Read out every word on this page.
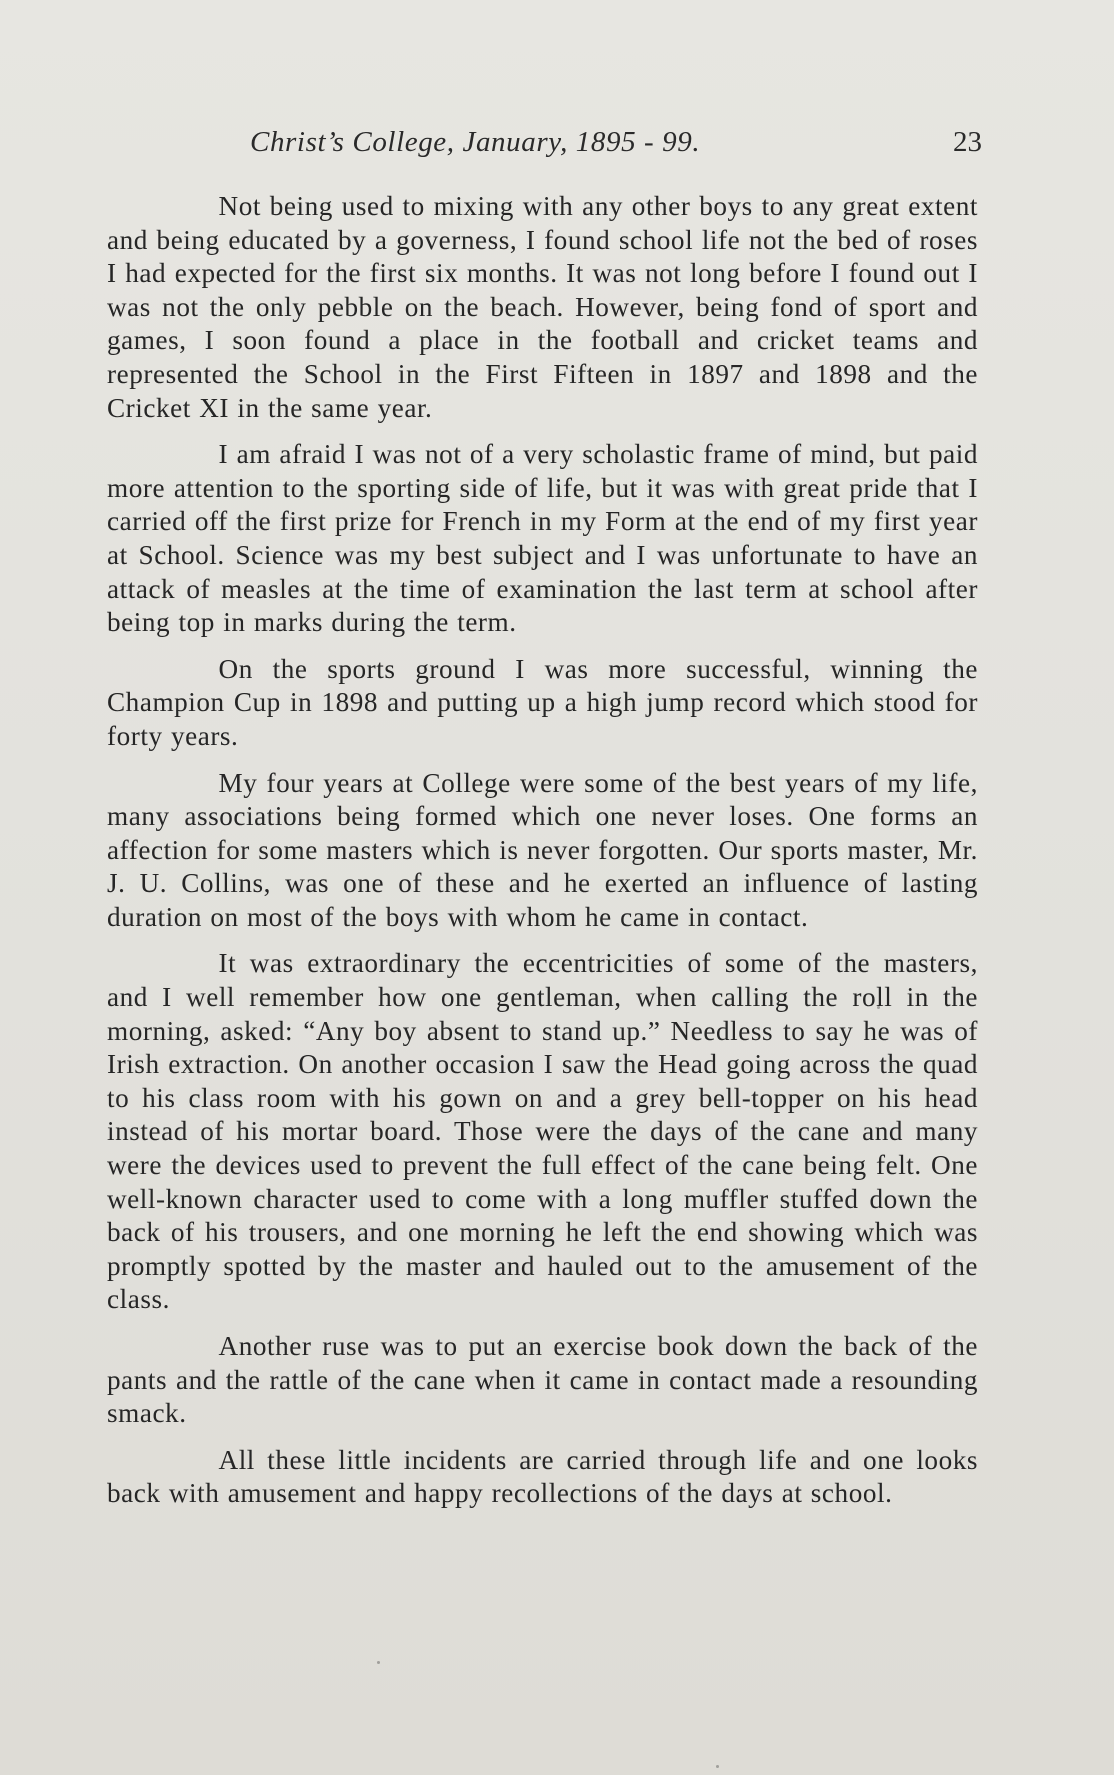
Christ’s College, January, 1895 - 99.	23

Not being used to mixing with any other boys to any great extent and being educated by a governess, I found school life not the bed of roses I had expected for the first six months. It was not long before I found out I was not the only pebble on the beach. However, being fond of sport and games, I soon found a place in the football and cricket teams and represented the School in the First Fifteen in 1897 and 1898 and the Cricket XI in the same year.

I am afraid I was not of a very scholastic frame of mind, but paid more attention to the sporting side of life, but it was with great pride that I carried off the first prize for French in my Form at the end of my first year at School. Science was my best subject and I was unfortunate to have an attack of measles at the time of examination the last term at school after being top in marks during the term.

On the sports ground I was more successful, winning the Champion Cup in 1898 and putting up a high jump record which stood for forty years.

My four years at College were some of the best years of my life, many associations being formed which one never loses. One forms an affection for some masters which is never forgotten. Our sports master, Mr. J. U. Collins, was one of these and he exerted an influence of lasting duration on most of the boys with whom he came in contact.

It was extraordinary the eccentricities of some of the masters, and I well remember how one gentleman, when calling the roll in the morning, asked: “Any boy absent to stand up.” Needless to say he was of Irish extraction. On another occasion I saw the Head going across the quad to his class room with his gown on and a grey bell-topper on his head instead of his mortar board. Those were the days of the cane and many were the devices used to prevent the full effect of the cane being felt. One well-known character used to come with a long muffler stuffed down the back of his trousers, and one morning he left the end showing which was promptly spotted by the master and hauled out to the amusement of the class.

Another ruse was to put an exercise book down the back of the pants and the rattle of the cane when it came in contact made a resounding smack.

All these little incidents are carried through life and one looks back with amusement and happy recollections of the days at school.
